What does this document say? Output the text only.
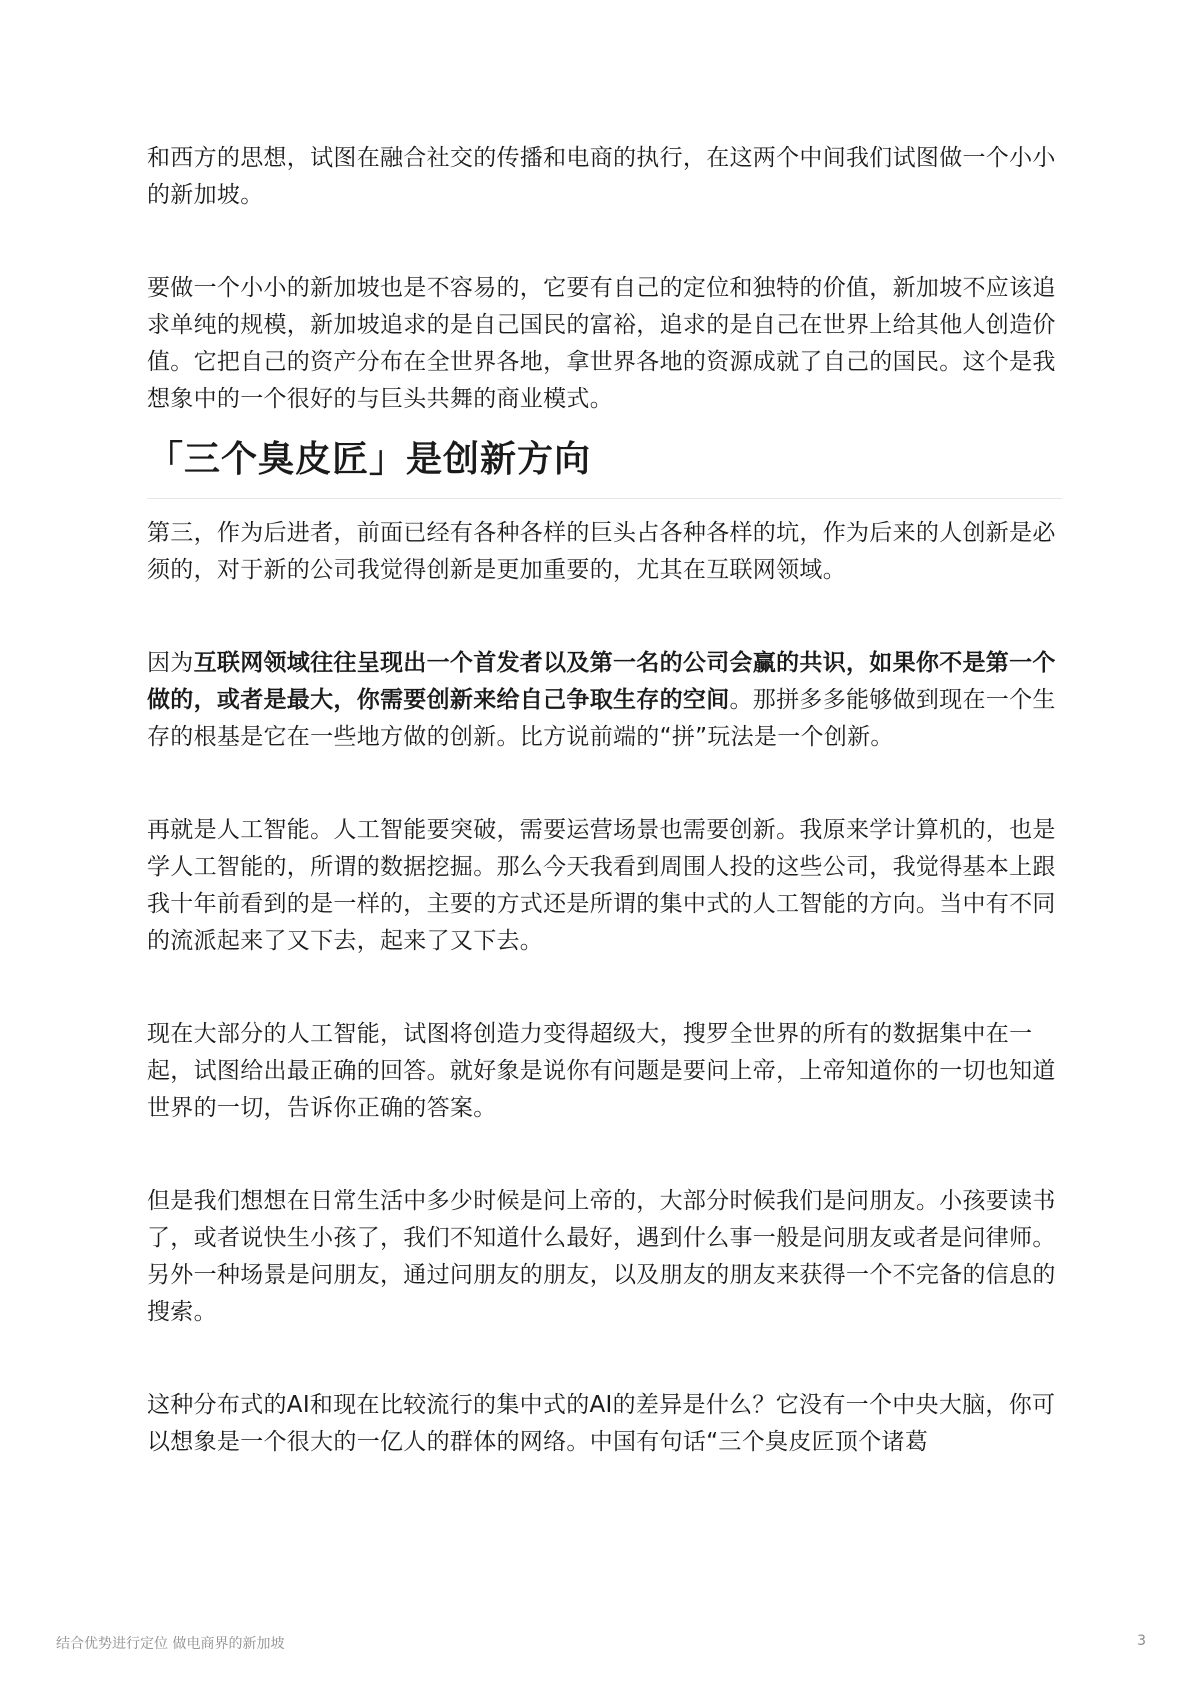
和西方的思想，试图在融合社交的传播和电商的执行，在这两个中间我们试图做一个小小的新加坡。

要做一个小小的新加坡也是不容易的，它要有自己的定位和独特的价值，新加坡不应该追求单纯的规模，新加坡追求的是自己国民的富裕，追求的是自己在世界上给其他人创造价值。它把自己的资产分布在全世界各地，拿世界各地的资源成就了自己的国民。这个是我想象中的一个很好的与巨头共舞的商业模式。

「三个臭皮匠」是创新方向

第三，作为后进者，前面已经有各种各样的巨头占各种各样的坑，作为后来的人创新是必须的，对于新的公司我觉得创新是更加重要的，尤其在互联网领域。

因为互联网领域往往呈现出一个首发者以及第一名的公司会赢的共识，如果你不是第一个做的，或者是最大，你需要创新来给自己争取生存的空间。那拼多多能够做到现在一个生存的根基是它在一些地方做的创新。比方说前端的“拼”玩法是一个创新。

再就是人工智能。人工智能要突破，需要运营场景也需要创新。我原来学计算机的，也是学人工智能的，所谓的数据挖掘。那么今天我看到周围人投的这些公司，我觉得基本上跟我十年前看到的是一样的，主要的方式还是所谓的集中式的人工智能的方向。当中有不同的流派起来了又下去，起来了又下去。

现在大部分的人工智能，试图将创造力变得超级大，搜罗全世界的所有的数据集中在一起，试图给出最正确的回答。就好象是说你有问题是要问上帝，上帝知道你的一切也知道世界的一切，告诉你正确的答案。

但是我们想想在日常生活中多少时候是问上帝的，大部分时候我们是问朋友。小孩要读书了，或者说快生小孩了，我们不知道什么最好，遇到什么事一般是问朋友或者是问律师。另外一种场景是问朋友，通过问朋友的朋友，以及朋友的朋友来获得一个不完备的信息的搜索。

这种分布式的AI和现在比较流行的集中式的AI的差异是什么？它没有一个中央大脑，你可以想象是一个很大的一亿人的群体的网络。中国有句话“三个臭皮匠顶个诸葛

结合优势进行定位 做电商界的新加坡	3
